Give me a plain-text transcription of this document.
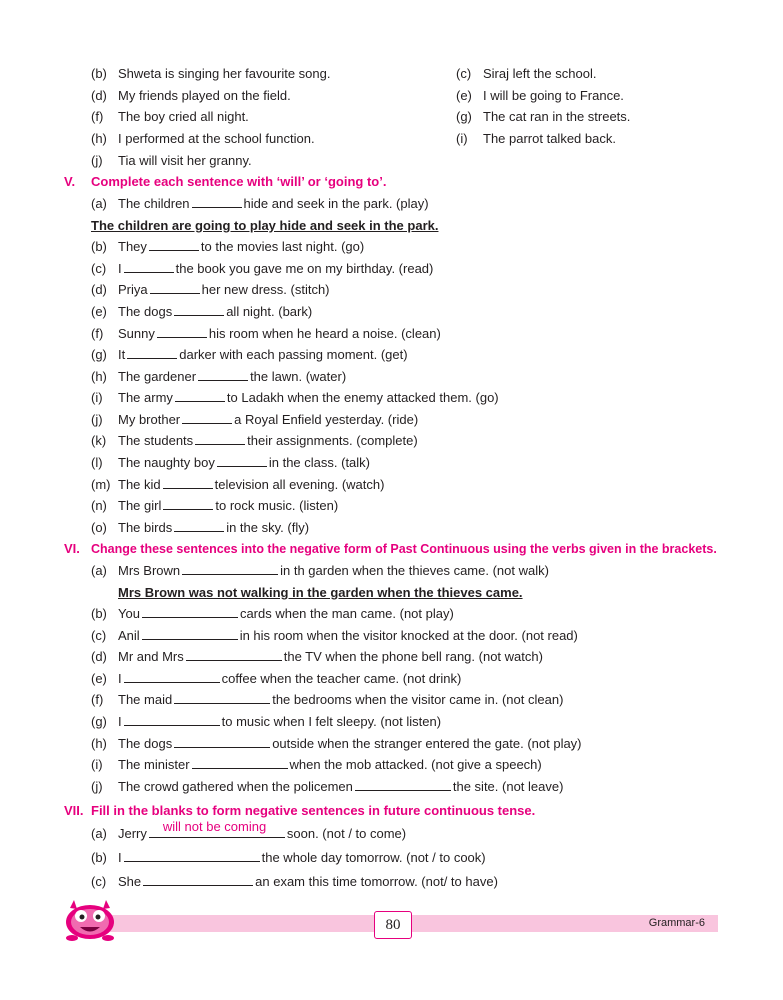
(b) Shweta is singing her favourite song.
(d) My friends played on the field.
(f) The boy cried all night.
(h) I performed at the school function.
(j) Tia will visit her granny.
(c) Siraj left the school.
(e) I will be going to France.
(g) The cat ran in the streets.
(i) The parrot talked back.
V. Complete each sentence with ‘will’ or ‘going to’.
(a) The children	hide and seek in the park. (play)
The children are going to play hide and seek in the park.
(b) They	to the movies last night. (go)
(c) I	the book you gave me on my birthday. (read)
(d) Priya	her new dress. (stitch)
(e) The dogs	all night. (bark)
(f) Sunny	his room when he heard a noise. (clean)
(g) It	darker with each passing moment. (get)
(h) The gardener	the lawn. (water)
(i) The army	to Ladakh when the enemy attacked them. (go)
(j) My brother	a Royal Enfield yesterday. (ride)
(k) The students	their assignments. (complete)
(l) The naughty boy	in the class. (talk)
(m) The kid	television all evening. (watch)
(n) The girl	to rock music. (listen)
(o) The birds	in the sky. (fly)
VI. Change these sentences into the negative form of Past Continuous using the verbs given in the brackets.
(a) Mrs Brown	in th garden when the thieves came. (not walk)
Mrs Brown was not walking in the garden when the thieves came.
(b) You	cards when the man came. (not play)
(c) Anil	in his room when the visitor knocked at the door. (not read)
(d) Mr and Mrs	the TV when the phone bell rang. (not watch)
(e) I	coffee when the teacher came. (not drink)
(f) The maid	the bedrooms when the visitor came in. (not clean)
(g) I	to music when I felt sleepy. (not listen)
(h) The dogs	outside when the stranger entered the gate. (not play)
(i) The minister	when the mob attacked. (not give a speech)
(j) The crowd gathered when the policemen	the site. (not leave)
VII. Fill in the blanks to form negative sentences in future continuous tense.
(a) Jerry will not be coming soon. (not / to come)
(b) I	the whole day tomorrow. (not / to cook)
(c) She	an exam this time tomorrow. (not/ to have)
80	Grammar-6
